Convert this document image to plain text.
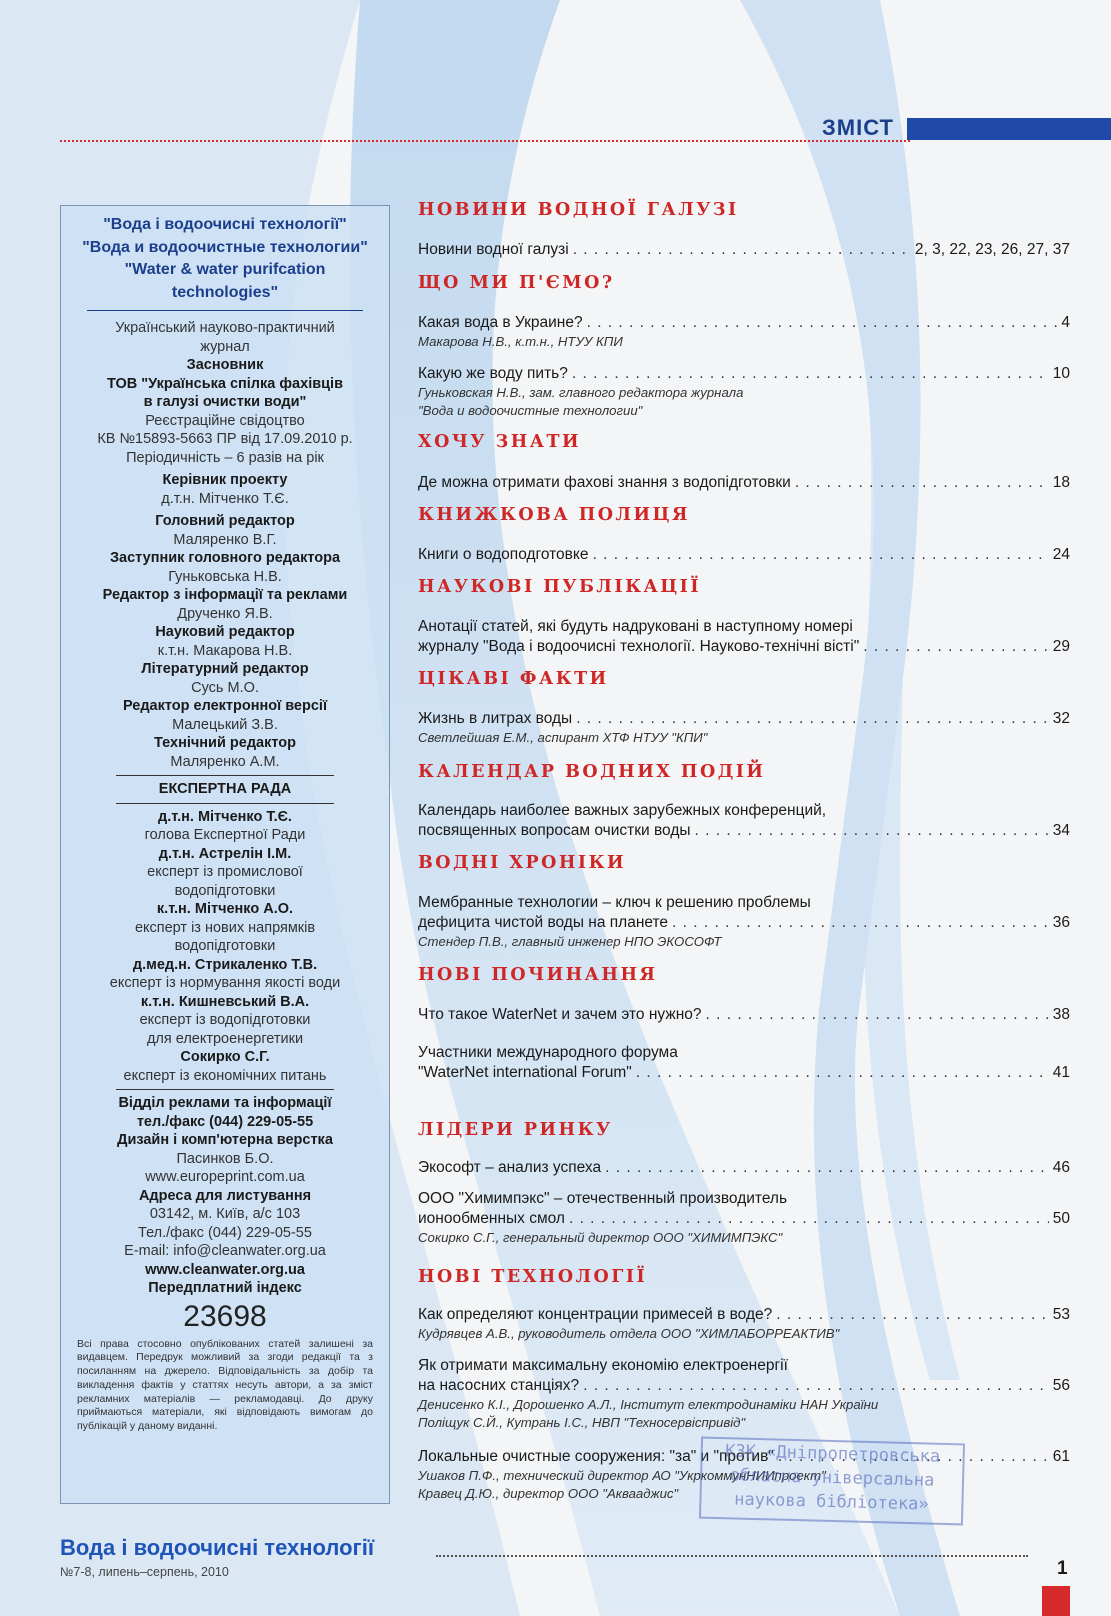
ЗМІСТ
"Вода і водоочисні технології"
"Вода и водоочистные технологии"
"Water & water purifcation
technologies"
Український науково-практичний
журнал
Засновник
ТОВ "Українська спілка фахівців
в галузі очистки води"
Реєстраційне свідоцтво
КВ №15893-5663 ПР від 17.09.2010 р.
Періодичність – 6 разів на рік
Керівник проекту
д.т.н. Мітченко Т.Є.
Головний редактор
Маляренко В.Г.
Заступник головного редактора
Гуньковська Н.В.
Редактор з інформації та реклами
Друченко Я.В.
Науковий редактор
к.т.н. Макарова Н.В.
Літературний редактор
Сусь М.О.
Редактор електронної версії
Малецький З.В.
Технічний редактор
Маляренко А.М.
ЕКСПЕРТНА РАДА
д.т.н. Мітченко Т.Є.
голова Експертної Ради
д.т.н. Астрелін І.М.
експерт із промислової
водопідготовки
к.т.н. Мітченко А.О.
експерт із нових напрямків
водопідготовки
д.мед.н. Стрикаленко Т.В.
експерт із нормування якості води
к.т.н. Кишневський В.А.
експерт із водопідготовки
для електроенергетики
Сокирко С.Г.
експерт із економічних питань
Відділ реклами та інформації
тел./факс (044) 229-05-55
Дизайн і комп'ютерна верстка
Пасинков Б.О.
www.europeprint.com.ua
Адреса для листування
03142, м. Київ, а/с 103
Тел./факс (044) 229-05-55
E-mail: info@cleanwater.org.ua
www.cleanwater.org.ua
Передплатний індекс
23698
Всі права стосовно опублікованих статей залишені за видавцем. Передрук можливий за згоди редакції та з посиланням на джерело. Відповідальність за добір та викладення фактів у статтях несуть автори, а за зміст рекламних матеріалів — рекламодавці. До друку приймаються матеріали, які відповідають вимогам до публікацій у даному виданні.
НОВИНИ ВОДНОЇ ГАЛУЗІ
Новини водної галузі . . .	2, 3, 22, 23, 26, 27, 37
ЩО МИ П'ЄМО?
Какая вода в Украине? . . .	4
Макарова Н.В., к.т.н., НТУУ КПИ
Какую же воду пить? . . .	10
Гуньковская Н.В., зам. главного редактора журнала
"Вода и водоочистные технологии"
ХОЧУ ЗНАТИ
Де можна отримати фахові знання з водопідготовки . . .	18
КНИЖКОВА ПОЛИЦЯ
Книги о водоподготовке . . .	24
НАУКОВІ ПУБЛІКАЦІЇ
Анотації статей, які будуть надруковані в наступному номері
журналу "Вода і водоочисні технології. Науково-технічні вісті" . . .	29
ЦІКАВІ ФАКТИ
Жизнь в литрах воды . . .	32
Светлейшая Е.М., аспирант ХТФ НТУУ "КПИ"
КАЛЕНДАР ВОДНИХ ПОДІЙ
Календарь наиболее важных зарубежных конференций,
посвященных вопросам очистки воды . . .	34
ВОДНІ ХРОНІКИ
Мембранные технологии – ключ к решению проблемы
дефицита чистой воды на планете . . .	36
Стендер П.В., главный инженер НПО ЭКОСОФТ
НОВІ ПОЧИНАННЯ
Что такое WaterNet и зачем это нужно? . . .	38
Участники международного форума
"WaterNet international Forum" . . .	41
ЛІДЕРИ РИНКУ
Экософт – анализ успеха . . .	46
ООО "Химимпэкс" – отечественный производитель
ионообменных смол . . .	50
Сокирко С.Г., генеральный директор ООО "ХИМИМПЭКС"
НОВІ ТЕХНОЛОГІЇ
Как определяют концентрации примесей в воде? . . .	53
Кудрявцев А.В., руководитель отдела ООО "ХИМЛАБОРРЕАКТИВ"
Як отримати максимальну економію електроенергії
на насосних станціях? . . .	56
Денисенко К.І., Дорошенко А.Л., Інститут електродинаміки НАН України
Поліщук С.Й., Кутрань І.С., НВП "Техносервіспривід"
Локальные очистные сооружения: "за" и "против" . . .	61
Ушаков П.Ф., технический директор АО "УкркоммунНИИпроект"
Кравец Д.Ю., директор ООО "Аквааджис"
КЗК «Дніпропетровська
обласна універсальна
наукова бібліотека»
Вода і водоочисні технології
№7-8, липень–серпень, 2010	1
